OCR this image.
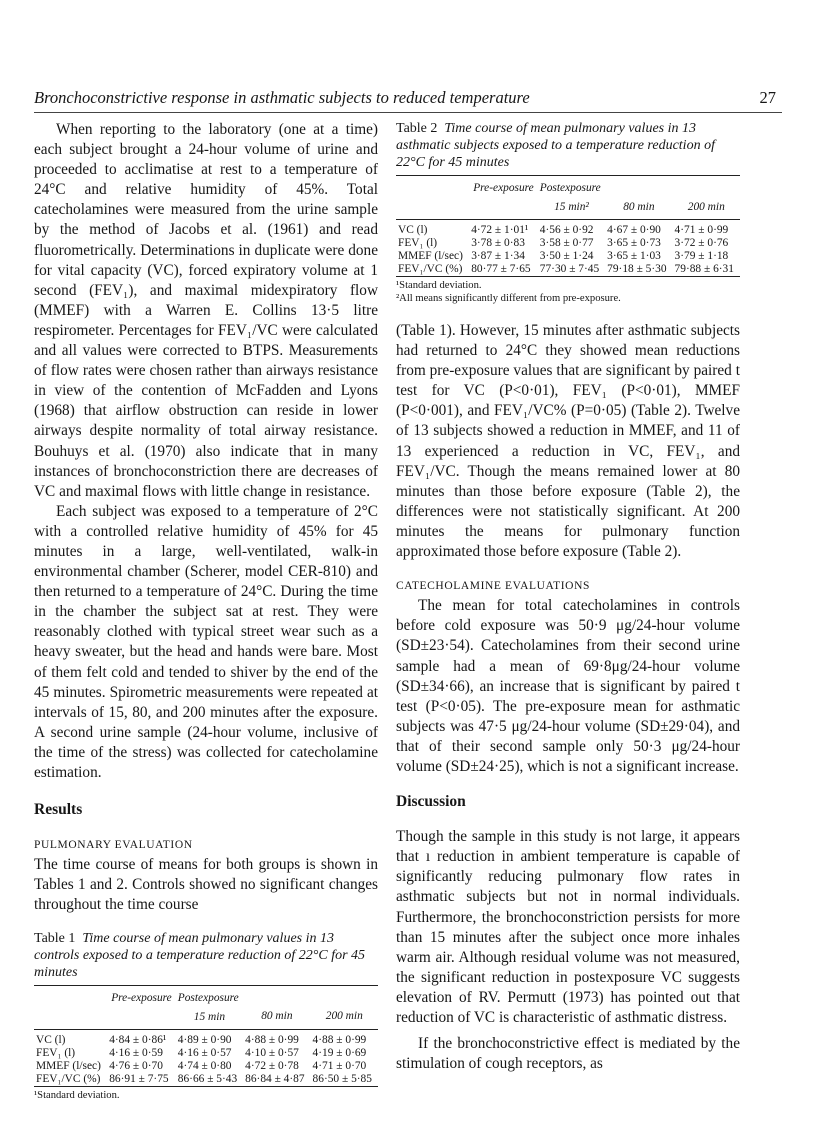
Bronchoconstrictive response in asthmatic subjects to reduced temperature	27

When reporting to the laboratory (one at a time) each subject brought a 24-hour volume of urine and proceeded to acclimatise at rest to a temperature of 24°C and relative humidity of 45%. Total catecholamines were measured from the urine sample by the method of Jacobs et al. (1961) and read fluorometrically. Determinations in duplicate were done for vital capacity (VC), forced expiratory volume at 1 second (FEV₁), and maximal midexpiratory flow (MMEF) with a Warren E. Collins 13·5 litre respirometer. Percentages for FEV₁/VC were calculated and all values were corrected to BTPS. Measurements of flow rates were chosen rather than airways resistance in view of the contention of McFadden and Lyons (1968) that airflow obstruction can reside in lower airways despite normality of total airway resistance. Bouhuys et al. (1970) also indicate that in many instances of bronchoconstriction there are decreases of VC and maximal flows with little change in resistance.

Each subject was exposed to a temperature of 2°C with a controlled relative humidity of 45% for 45 minutes in a large, well-ventilated, walk-in environmental chamber (Scherer, model CER-810) and then returned to a temperature of 24°C. During the time in the chamber the subject sat at rest. They were reasonably clothed with typical street wear such as a heavy sweater, but the head and hands were bare. Most of them felt cold and tended to shiver by the end of the 45 minutes. Spirometric measurements were repeated at intervals of 15, 80, and 200 minutes after the exposure. A second urine sample (24-hour volume, inclusive of the time of the stress) was collected for catecholamine estimation.

Results
PULMONARY EVALUATION

The time course of means for both groups is shown in Tables 1 and 2. Controls showed no significant changes throughout the time course

Table 1 Time course of mean pulmonary values in 13 controls exposed to a temperature reduction of 22°C for 45 minutes
	Pre-exposure	Postexposure		
		15 min	80 min	200 min

VC (l)	4·84 ± 0·86¹	4·89 ± 0·90	4·88 ± 0·99	4·88 ± 0·99
FEV₁ (l)	4·16 ± 0·59	4·16 ± 0·57	4·10 ± 0·57	4·19 ± 0·69
MMEF (l/sec)	4·76 ± 0·70	4·74 ± 0·80	4·72 ± 0·78	4·71 ± 0·70
FEV₁/VC (%)	86·91 ± 7·75	86·66 ± 5·43	86·84 ± 4·87	86·50 ± 5·85
¹Standard deviation.
Table 2 Time course of mean pulmonary values in 13 asthmatic subjects exposed to a temperature reduction of 22°C for 45 minutes
	Pre-exposure	Postexposure		
		15 min²	80 min	200 min

VC (l)	4·72 ± 1·01¹	4·56 ± 0·92	4·67 ± 0·90	4·71 ± 0·99
FEV₁ (l)	3·78 ± 0·83	3·58 ± 0·77	3·65 ± 0·73	3·72 ± 0·76
MMEF (l/sec)	3·87 ± 1·34	3·50 ± 1·24	3·65 ± 1·03	3·79 ± 1·18
FEV₁/VC (%)	80·77 ± 7·65	77·30 ± 7·45	79·18 ± 5·30	79·88 ± 6·31
¹Standard deviation.
²All means significantly different from pre-exposure.

(Table 1). However, 15 minutes after asthmatic subjects had returned to 24°C they showed mean reductions from pre-exposure values that are significant by paired t test for VC (P<0·01), FEV₁ (P<0·01), MMEF (P<0·001), and FEV₁/VC% (P=0·05) (Table 2). Twelve of 13 subjects showed a reduction in MMEF, and 11 of 13 experienced a reduction in VC, FEV₁, and FEV₁/VC. Though the means remained lower at 80 minutes than those before exposure (Table 2), the differences were not statistically significant. At 200 minutes the means for pulmonary function approximated those before exposure (Table 2).

CATECHOLAMINE EVALUATIONS

The mean for total catecholamines in controls before cold exposure was 50·9 μg/24-hour volume (SD±23·54). Catecholamines from their second urine sample had a mean of 69·8μg/24-hour volume (SD±34·66), an increase that is significant by paired t test (P<0·05). The pre-exposure mean for asthmatic subjects was 47·5 μg/24-hour volume (SD±29·04), and that of their second sample only 50·3 μg/24-hour volume (SD±24·25), which is not a significant increase.

Discussion

Though the sample in this study is not large, it appears that ı reduction in ambient temperature is capable of significantly reducing pulmonary flow rates in asthmatic subjects but not in normal individuals. Furthermore, the bronchoconstriction persists for more than 15 minutes after the subject once more inhales warm air. Although residual volume was not measured, the significant reduction in postexposure VC suggests elevation of RV. Permutt (1973) has pointed out that reduction of VC is characteristic of asthmatic distress.

If the bronchoconstrictive effect is mediated by the stimulation of cough receptors, as
